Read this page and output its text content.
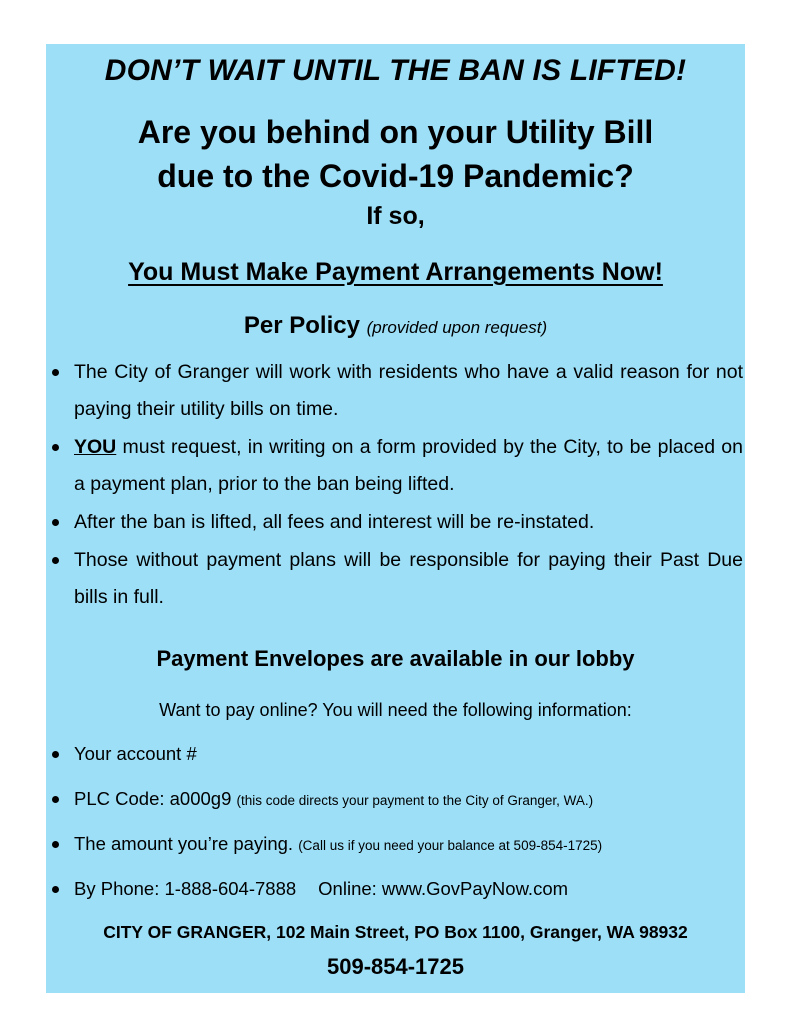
DON’T WAIT UNTIL THE BAN IS LIFTED!
Are you behind on your Utility Bill
due to the Covid-19 Pandemic?
If so,
You Must Make Payment Arrangements Now!
Per Policy (provided upon request)
The City of Granger will work with residents who have a valid reason for not paying their utility bills on time.
YOU must request, in writing on a form provided by the City, to be placed on a payment plan, prior to the ban being lifted.
After the ban is lifted, all fees and interest will be re-instated.
Those without payment plans will be responsible for paying their Past Due bills in full.
Payment Envelopes are available in our lobby
Want to pay online? You will need the following information:
Your account #
PLC Code: a000g9 (this code directs your payment to the City of Granger, WA.)
The amount you’re paying. (Call us if you need your balance at 509-854-1725)
By Phone: 1-888-604-7888 Online: www.GovPayNow.com
CITY OF GRANGER, 102 Main Street, PO Box 1100, Granger, WA 98932
509-854-1725
